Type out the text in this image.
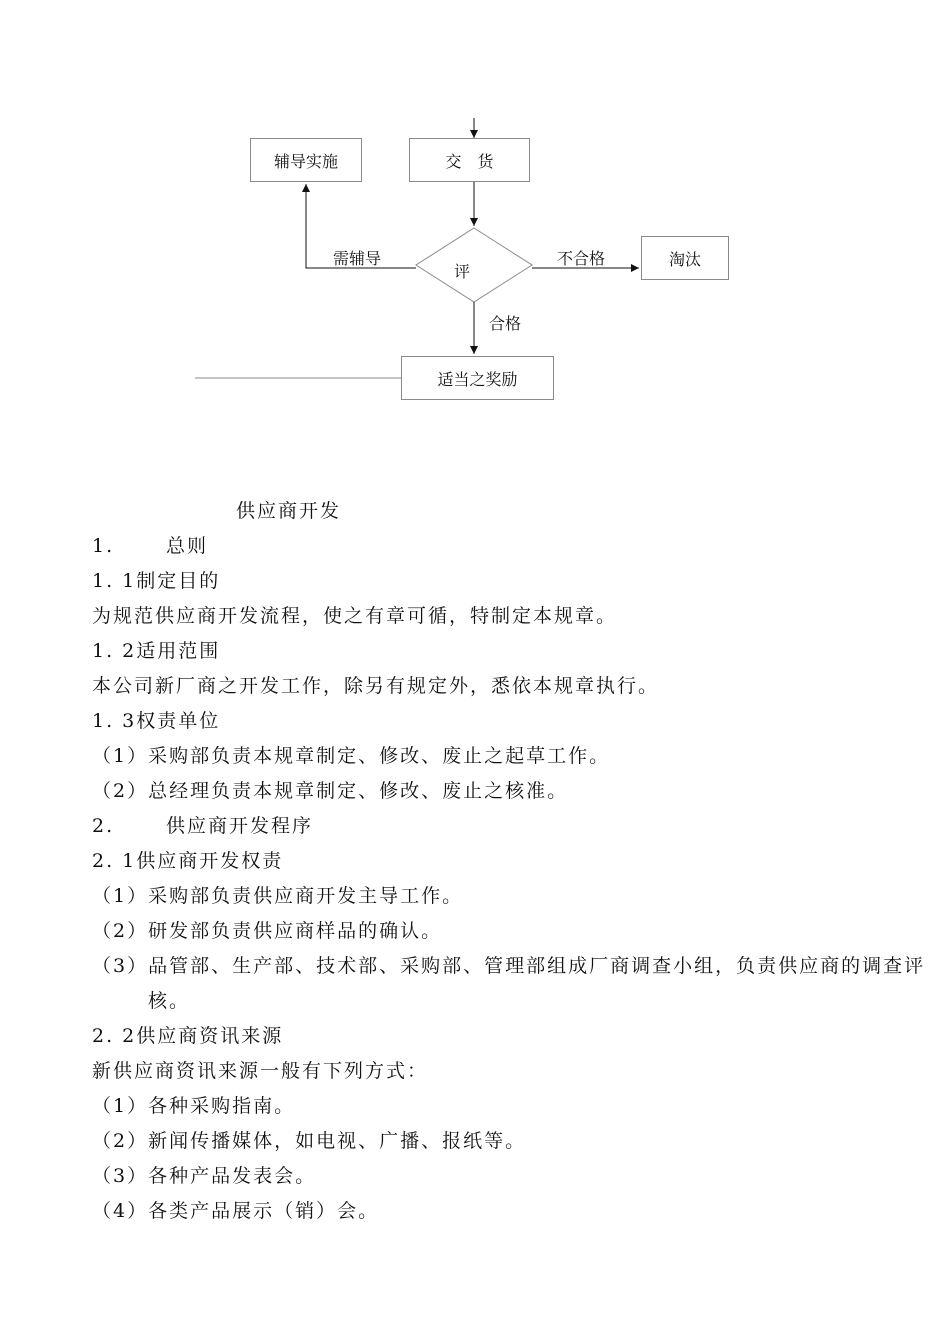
辅导实施	交　货
评
需辅导	不合格
合格
淘汰
适当之奖励
供应商开发
1.	总则
1. 1制定目的
为规范供应商开发流程，使之有章可循，特制定本规章。
1. 2适用范围
本公司新厂商之开发工作，除另有规定外，悉依本规章执行。
1. 3权责单位
（1）采购部负责本规章制定、修改、废止之起草工作。
（2）总经理负责本规章制定、修改、废止之核准。
2.	供应商开发程序
2. 1供应商开发权责
（1）采购部负责供应商开发主导工作。
（2）研发部负责供应商样品的确认。
（3）品管部、生产部、技术部、采购部、管理部组成厂商调查小组，负责供应商的调查评核。
2. 2供应商资讯来源
新供应商资讯来源一般有下列方式：
（1）各种采购指南。
（2）新闻传播媒体，如电视、广播、报纸等。
（3）各种产品发表会。
（4）各类产品展示（销）会。
